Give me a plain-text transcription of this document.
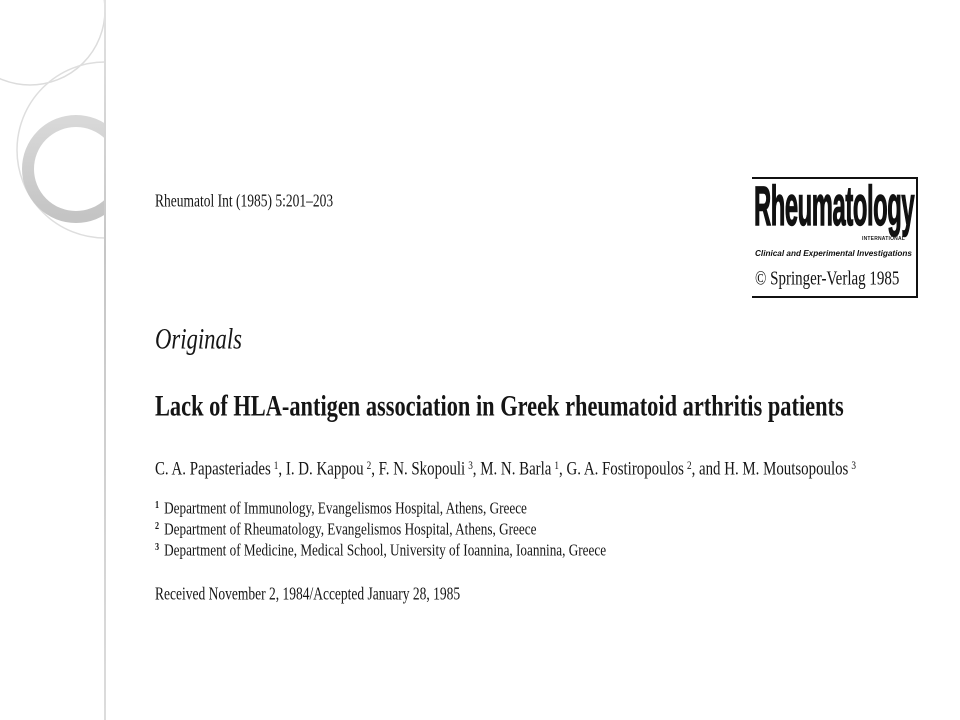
Rheumatol Int (1985) 5:201–203	Rheumatology
INTERNATIONAL
Clinical and Experimental Investigations
© Springer-Verlag 1985
Originals
Lack of HLA-antigen association in Greek rheumatoid arthritis patients
C. A. Papasteriades $^1$, I. D. Kappou $^2$, F. N. Skopouli $^3$, M. N. Barla $^1$, G. A. Fostiropoulos $^2$, and H. M. Moutsopoulos $^3$
$^1$ Department of Immunology, Evangelismos Hospital, Athens, Greece
$^2$ Department of Rheumatology, Evangelismos Hospital, Athens, Greece
$^3$ Department of Medicine, Medical School, University of Ioannina, Ioannina, Greece
Received November 2, 1984/Accepted January 28, 1985
